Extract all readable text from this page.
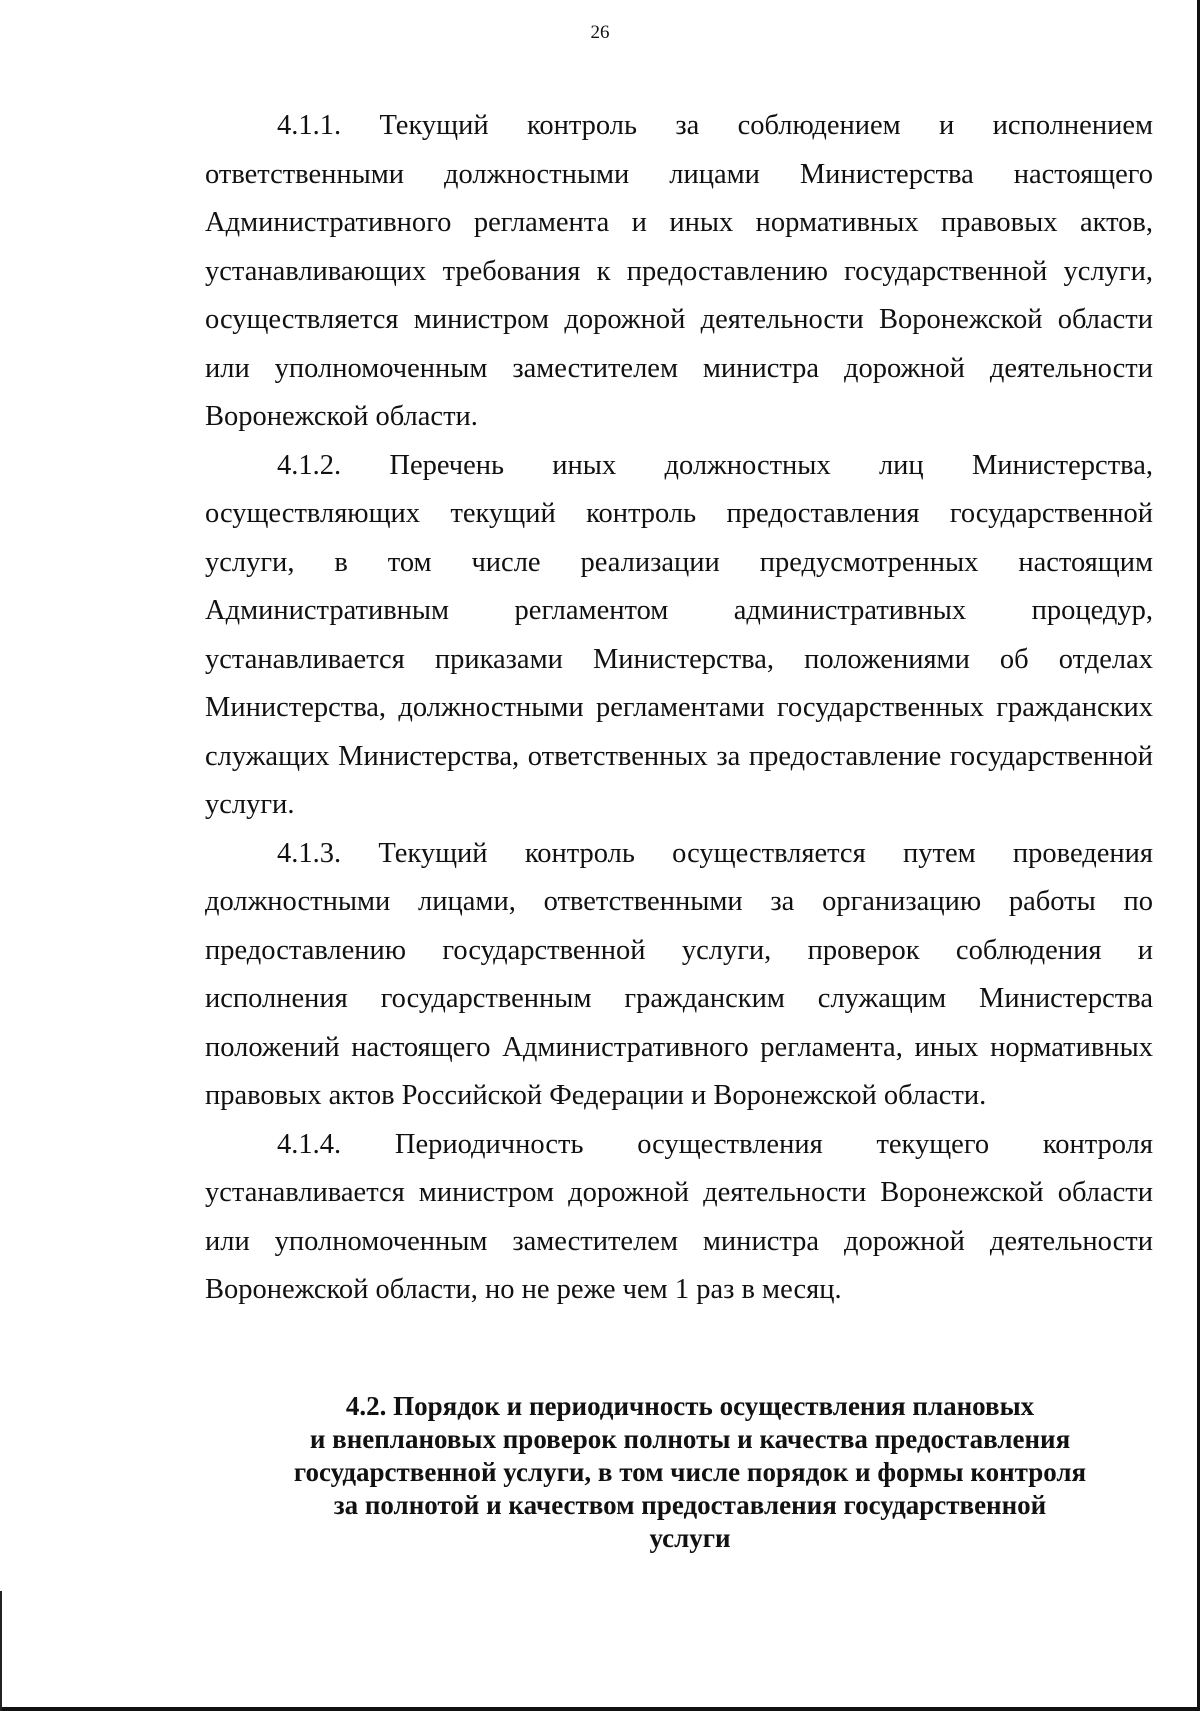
26

4.1.1. Текущий контроль за соблюдением и исполнением ответственными должностными лицами Министерства настоящего Административного регламента и иных нормативных правовых актов, устанавливающих требования к предоставлению государственной услуги, осуществляется министром дорожной деятельности Воронежской области или уполномоченным заместителем министра дорожной деятельности Воронежской области.

4.1.2. Перечень иных должностных лиц Министерства, осуществляющих текущий контроль предоставления государственной услуги, в том числе реализации предусмотренных настоящим Административным регламентом административных процедур, устанавливается приказами Министерства, положениями об отделах Министерства, должностными регламентами государственных гражданских служащих Министерства, ответственных за предоставление государственной услуги.

4.1.3. Текущий контроль осуществляется путем проведения должностными лицами, ответственными за организацию работы по предоставлению государственной услуги, проверок соблюдения и исполнения государственным гражданским служащим Министерства положений настоящего Административного регламента, иных нормативных правовых актов Российской Федерации и Воронежской области.

4.1.4. Периодичность осуществления текущего контроля устанавливается министром дорожной деятельности Воронежской области или уполномоченным заместителем министра дорожной деятельности Воронежской области, но не реже чем 1 раз в месяц.

4.2. Порядок и периодичность осуществления плановых
и внеплановых проверок полноты и качества предоставления
государственной услуги, в том числе порядок и формы контроля
за полнотой и качеством предоставления государственной
услуги
